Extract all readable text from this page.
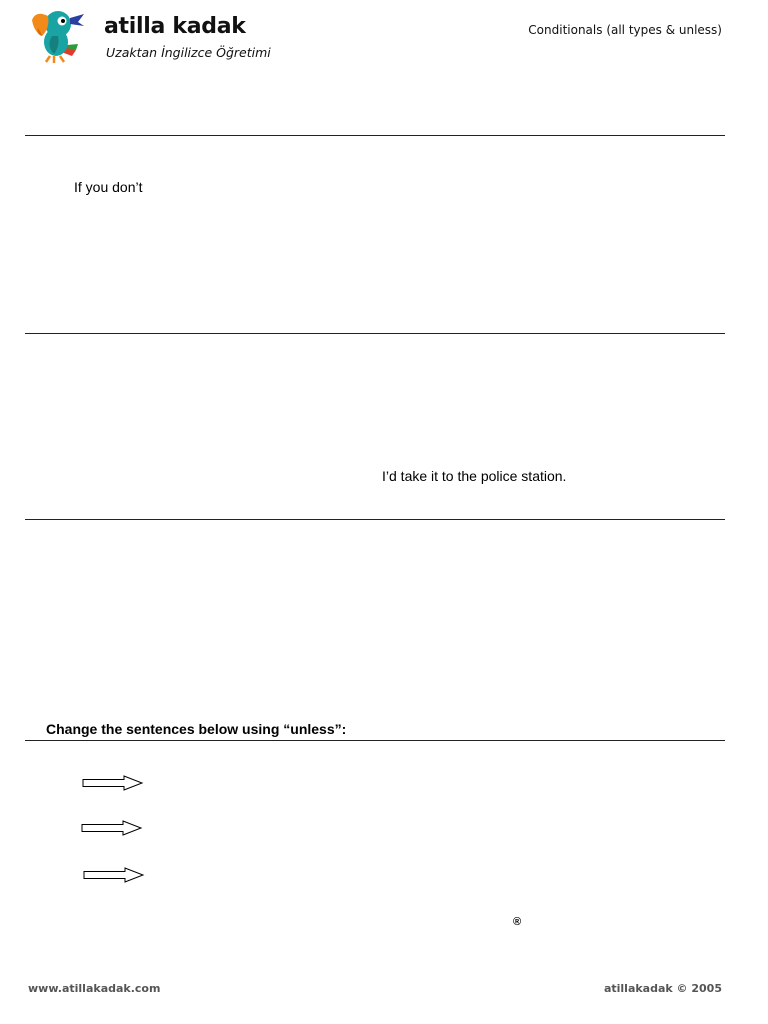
atilla kadak
Uzaktan İngilizce Öğretimi
Conditionals (all types & unless)
If you don’t
I’d take it to the police station.
Change the sentences below using “unless”:
®
www.atillakadak.com	atillakadak © 2005
